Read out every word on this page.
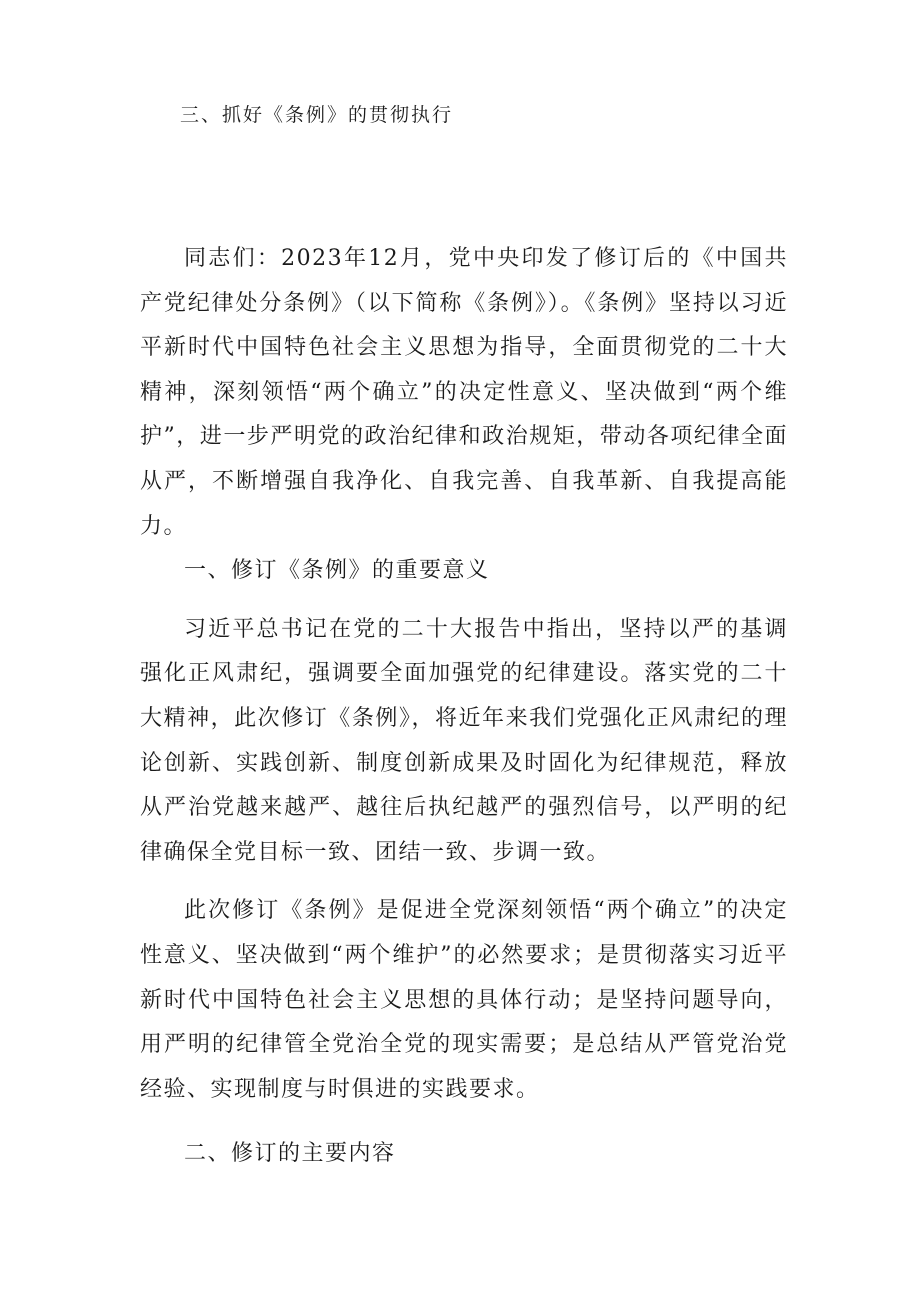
三、抓好《条例》的贯彻执行

同志们：2023年12月，党中央印发了修订后的《中国共产党纪律处分条例》（以下简称《条例》）。《条例》坚持以习近平新时代中国特色社会主义思想为指导，全面贯彻党的二十大精神，深刻领悟“两个确立”的决定性意义、坚决做到“两个维护”，进一步严明党的政治纪律和政治规矩，带动各项纪律全面从严，不断增强自我净化、自我完善、自我革新、自我提高能力。

一、修订《条例》的重要意义

习近平总书记在党的二十大报告中指出，坚持以严的基调强化正风肃纪，强调要全面加强党的纪律建设。落实党的二十大精神，此次修订《条例》，将近年来我们党强化正风肃纪的理论创新、实践创新、制度创新成果及时固化为纪律规范，释放从严治党越来越严、越往后执纪越严的强烈信号，以严明的纪律确保全党目标一致、团结一致、步调一致。

此次修订《条例》是促进全党深刻领悟“两个确立”的决定性意义、坚决做到“两个维护”的必然要求；是贯彻落实习近平新时代中国特色社会主义思想的具体行动；是坚持问题导向，用严明的纪律管全党治全党的现实需要；是总结从严管党治党经验、实现制度与时俱进的实践要求。

二、修订的主要内容
